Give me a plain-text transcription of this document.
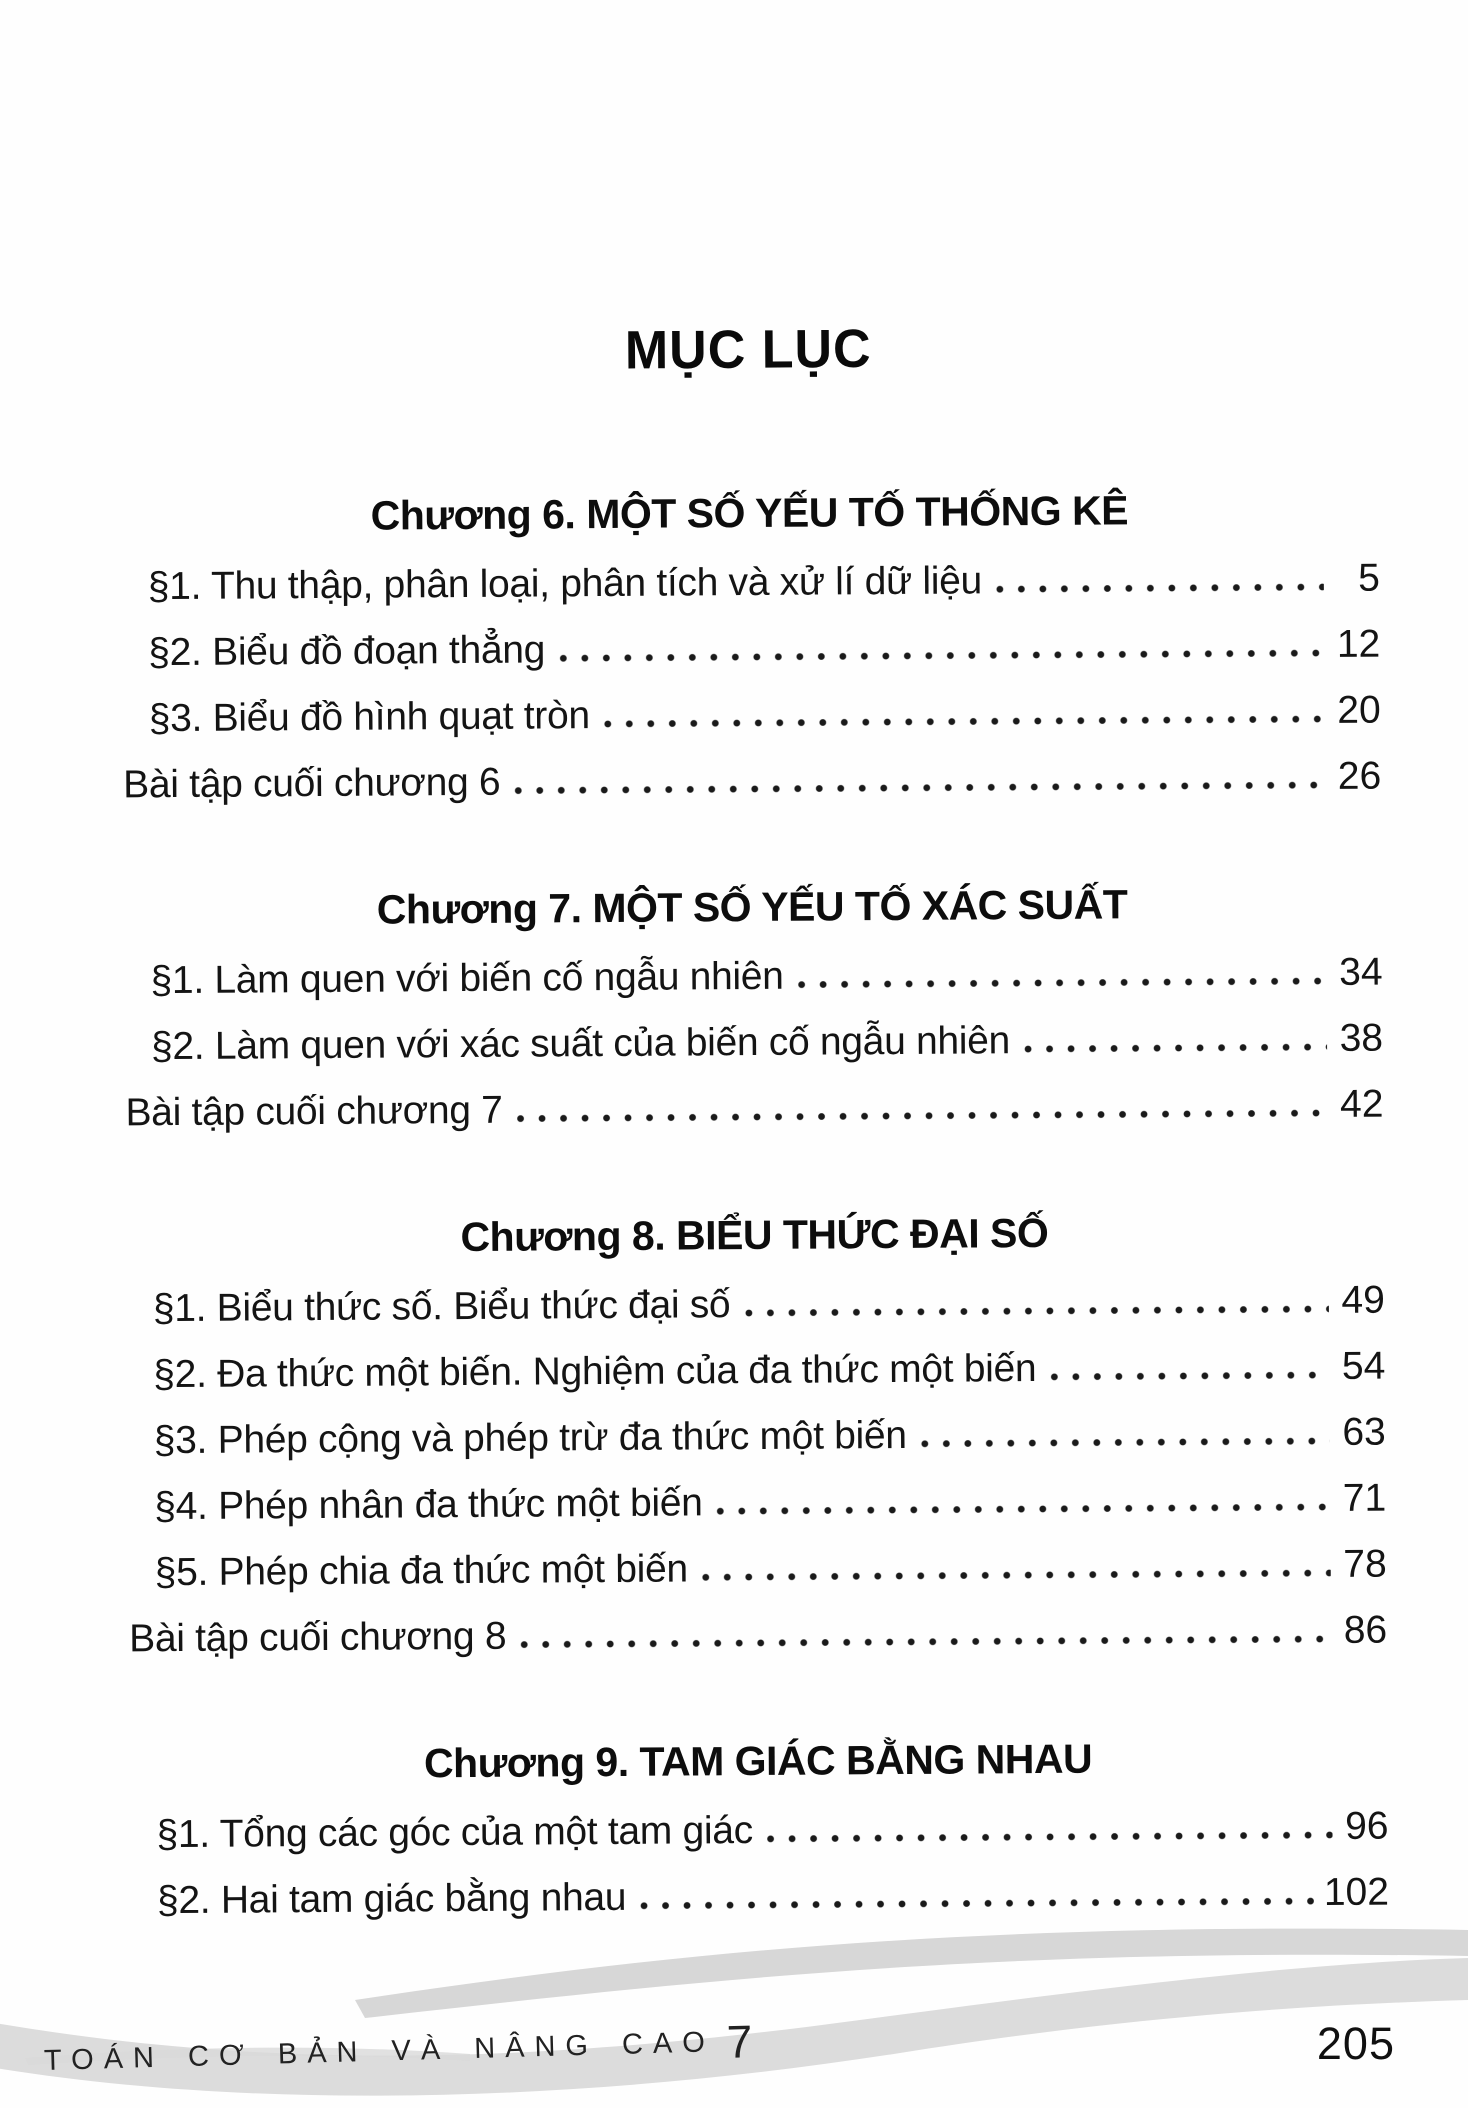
MỤC LỤC
Chương 6. MỘT SỐ YẾU TỐ THỐNG KÊ
§1. Thu thập, phân loại, phân tích và xử lí dữ liệu	5
§2. Biểu đồ đoạn thẳng	12
§3. Biểu đồ hình quạt tròn	20
Bài tập cuối chương 6	26
Chương 7. MỘT SỐ YẾU TỐ XÁC SUẤT
§1. Làm quen với biến cố ngẫu nhiên	34
§2. Làm quen với xác suất của biến cố ngẫu nhiên	38
Bài tập cuối chương 7	42
Chương 8. BIỂU THỨC ĐẠI SỐ
§1. Biểu thức số. Biểu thức đại số	49
§2. Đa thức một biến. Nghiệm của đa thức một biến	54
§3. Phép cộng và phép trừ đa thức một biến	63
§4. Phép nhân đa thức một biến	71
§5. Phép chia đa thức một biến	78
Bài tập cuối chương 8	86
Chương 9. TAM GIÁC BẰNG NHAU
§1. Tổng các góc của một tam giác	96
§2. Hai tam giác bằng nhau	102
TOÁN CƠ BẢN VÀ NÂNG CAO 7	205
